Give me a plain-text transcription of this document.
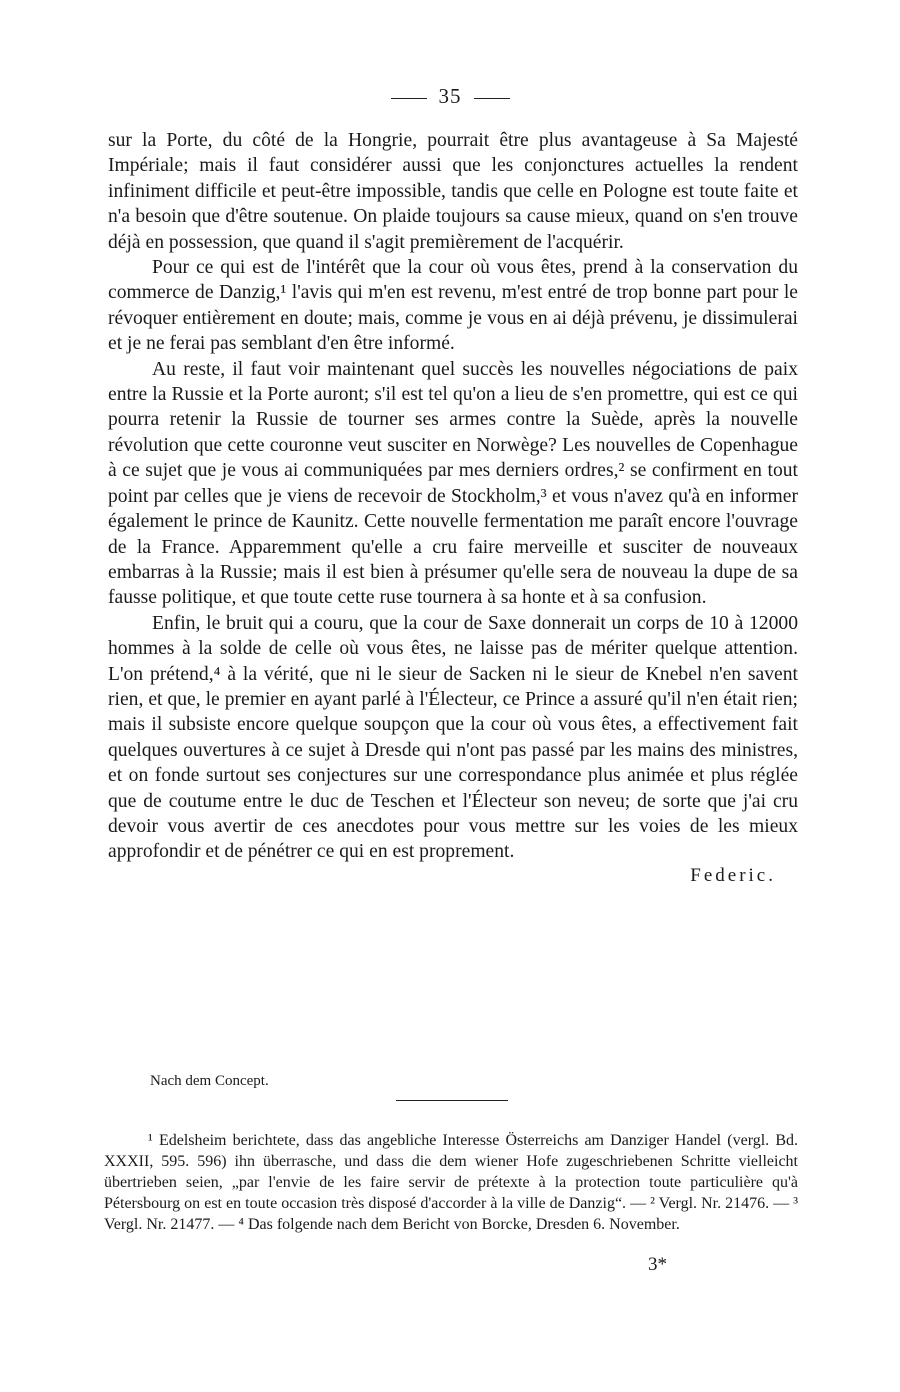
35

sur la Porte, du côté de la Hongrie, pourrait être plus avantageuse à Sa Majesté Impériale; mais il faut considérer aussi que les conjonctures actuelles la rendent infiniment difficile et peut-être impossible, tandis que celle en Pologne est toute faite et n'a besoin que d'être soutenue. On plaide toujours sa cause mieux, quand on s'en trouve déjà en possession, que quand il s'agit premièrement de l'acquérir.

Pour ce qui est de l'intérêt que la cour où vous êtes, prend à la conservation du commerce de Danzig,¹ l'avis qui m'en est revenu, m'est entré de trop bonne part pour le révoquer entièrement en doute; mais, comme je vous en ai déjà prévenu, je dissimulerai et je ne ferai pas semblant d'en être informé.

Au reste, il faut voir maintenant quel succès les nouvelles négociations de paix entre la Russie et la Porte auront; s'il est tel qu'on a lieu de s'en promettre, qui est ce qui pourra retenir la Russie de tourner ses armes contre la Suède, après la nouvelle révolution que cette couronne veut susciter en Norwège? Les nouvelles de Copenhague à ce sujet que je vous ai communiquées par mes derniers ordres,² se confirment en tout point par celles que je viens de recevoir de Stockholm,³ et vous n'avez qu'à en informer également le prince de Kaunitz. Cette nouvelle fermentation me paraît encore l'ouvrage de la France. Apparemment qu'elle a cru faire merveille et susciter de nouveaux embarras à la Russie; mais il est bien à présumer qu'elle sera de nouveau la dupe de sa fausse politique, et que toute cette ruse tournera à sa honte et à sa confusion.

Enfin, le bruit qui a couru, que la cour de Saxe donnerait un corps de 10 à 12000 hommes à la solde de celle où vous êtes, ne laisse pas de mériter quelque attention. L'on prétend,⁴ à la vérité, que ni le sieur de Sacken ni le sieur de Knebel n'en savent rien, et que, le premier en ayant parlé à l'Électeur, ce Prince a assuré qu'il n'en était rien; mais il subsiste encore quelque soupçon que la cour où vous êtes, a effectivement fait quelques ouvertures à ce sujet à Dresde qui n'ont pas passé par les mains des ministres, et on fonde surtout ses conjectures sur une correspondance plus animée et plus réglée que de coutume entre le duc de Teschen et l'Électeur son neveu; de sorte que j'ai cru devoir vous avertir de ces anecdotes pour vous mettre sur les voies de les mieux approfondir et de pénétrer ce qui en est proprement.

Federic.
Nach dem Concept.

¹ Edelsheim berichtete, dass das angebliche Interesse Österreichs am Danziger Handel (vergl. Bd. XXXII, 595. 596) ihn überrasche, und dass die dem wiener Hofe zugeschriebenen Schritte vielleicht übertrieben seien, „par l'envie de les faire servir de prétexte à la protection toute particulière qu'à Pétersbourg on est en toute occasion très disposé d'accorder à la ville de Danzig“. — ² Vergl. Nr. 21476. — ³ Vergl. Nr. 21477. — ⁴ Das folgende nach dem Bericht von Borcke, Dresden 6. November.

3*
